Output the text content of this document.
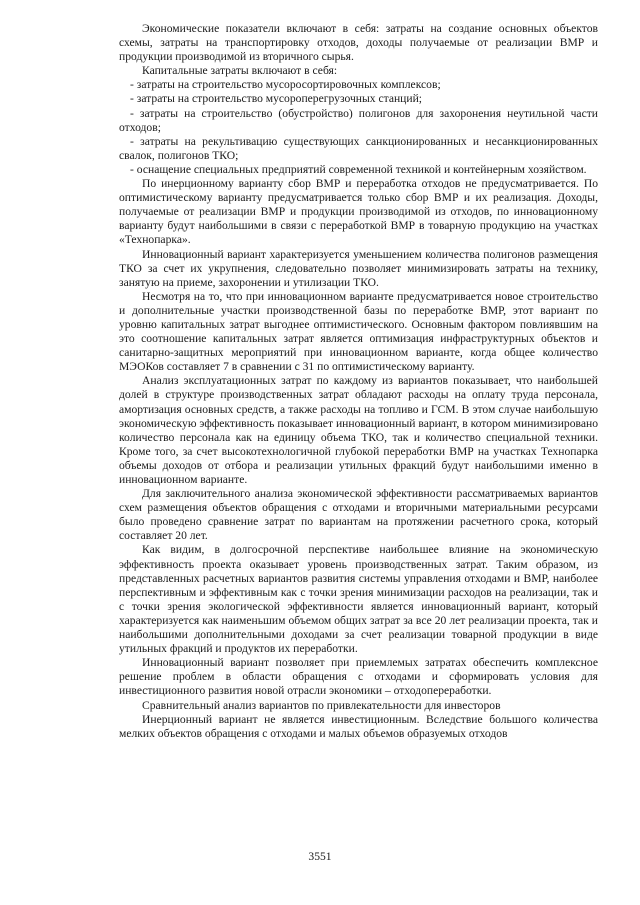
Экономические показатели включают в себя: затраты на создание основных объектов схемы, затраты на транспортировку отходов, доходы получаемые от реализации ВМР и продукции производимой из вторичного сырья.

Капитальные затраты включают в себя:

- затраты на строительство мусоросортировочных комплексов;

- затраты на строительство мусороперегрузочных станций;

- затраты на строительство (обустройство) полигонов для захоронения неутильной части отходов;

- затраты на рекультивацию существующих санкционированных и несанкционированных свалок, полигонов ТКО;

- оснащение специальных предприятий современной техникой и контейнерным хозяйством.

По инерционному варианту сбор ВМР и переработка отходов не предусматривается. По оптимистическому варианту предусматривается только сбор ВМР и их реализация. Доходы, получаемые от реализации ВМР и продукции производимой из отходов, по инновационному варианту будут наибольшими в связи с переработкой ВМР в товарную продукцию на участках «Технопарка».

Инновационный вариант характеризуется уменьшением количества полигонов размещения ТКО за счет их укрупнения, следовательно позволяет минимизировать затраты на технику, занятую на приеме, захоронении и утилизации ТКО.

Несмотря на то, что при инновационном варианте предусматривается новое строительство и дополнительные участки производственной базы по переработке ВМР, этот вариант по уровню капитальных затрат выгоднее оптимистического. Основным фактором повлиявшим на это соотношение капитальных затрат является оптимизация инфраструктурных объектов и санитарно-защитных мероприятий при инновационном варианте, когда общее количество МЭОКов составляет 7 в сравнении с 31 по оптимистическому варианту.

Анализ эксплуатационных затрат по каждому из вариантов показывает, что наибольшей долей в структуре производственных затрат обладают расходы на оплату труда персонала, амортизация основных средств, а также расходы на топливо и ГСМ. В этом случае наибольшую экономическую эффективность показывает инновационный вариант, в котором минимизировано количество персонала как на единицу объема ТКО, так и количество специальной техники. Кроме того, за счет высокотехнологичной глубокой переработки ВМР на участках Технопарка объемы доходов от отбора и реализации утильных фракций будут наибольшими именно в инновационном варианте.

Для заключительного анализа экономической эффективности рассматриваемых вариантов схем размещения объектов обращения с отходами и вторичными материальными ресурсами было проведено сравнение затрат по вариантам на протяжении расчетного срока, который составляет 20 лет.

Как видим, в долгосрочной перспективе наибольшее влияние на экономическую эффективность проекта оказывает уровень производственных затрат. Таким образом, из представленных расчетных вариантов развития системы управления отходами и ВМР, наиболее перспективным и эффективным как с точки зрения минимизации расходов на реализации, так и с точки зрения экологической эффективности является инновационный вариант, который характеризуется как наименьшим объемом общих затрат за все 20 лет реализации проекта, так и наибольшими дополнительными доходами за счет реализации товарной продукции в виде утильных фракций и продуктов их переработки.

Инновационный вариант позволяет при приемлемых затратах обеспечить комплексное решение проблем в области обращения с отходами и сформировать условия для инвестиционного развития новой отрасли экономики – отходопереработки.

Сравнительный анализ вариантов по привлекательности для инвесторов

Инерционный вариант не является инвестиционным. Вследствие большого количества мелких объектов обращения с отходами и малых объемов образуемых отходов

3551
